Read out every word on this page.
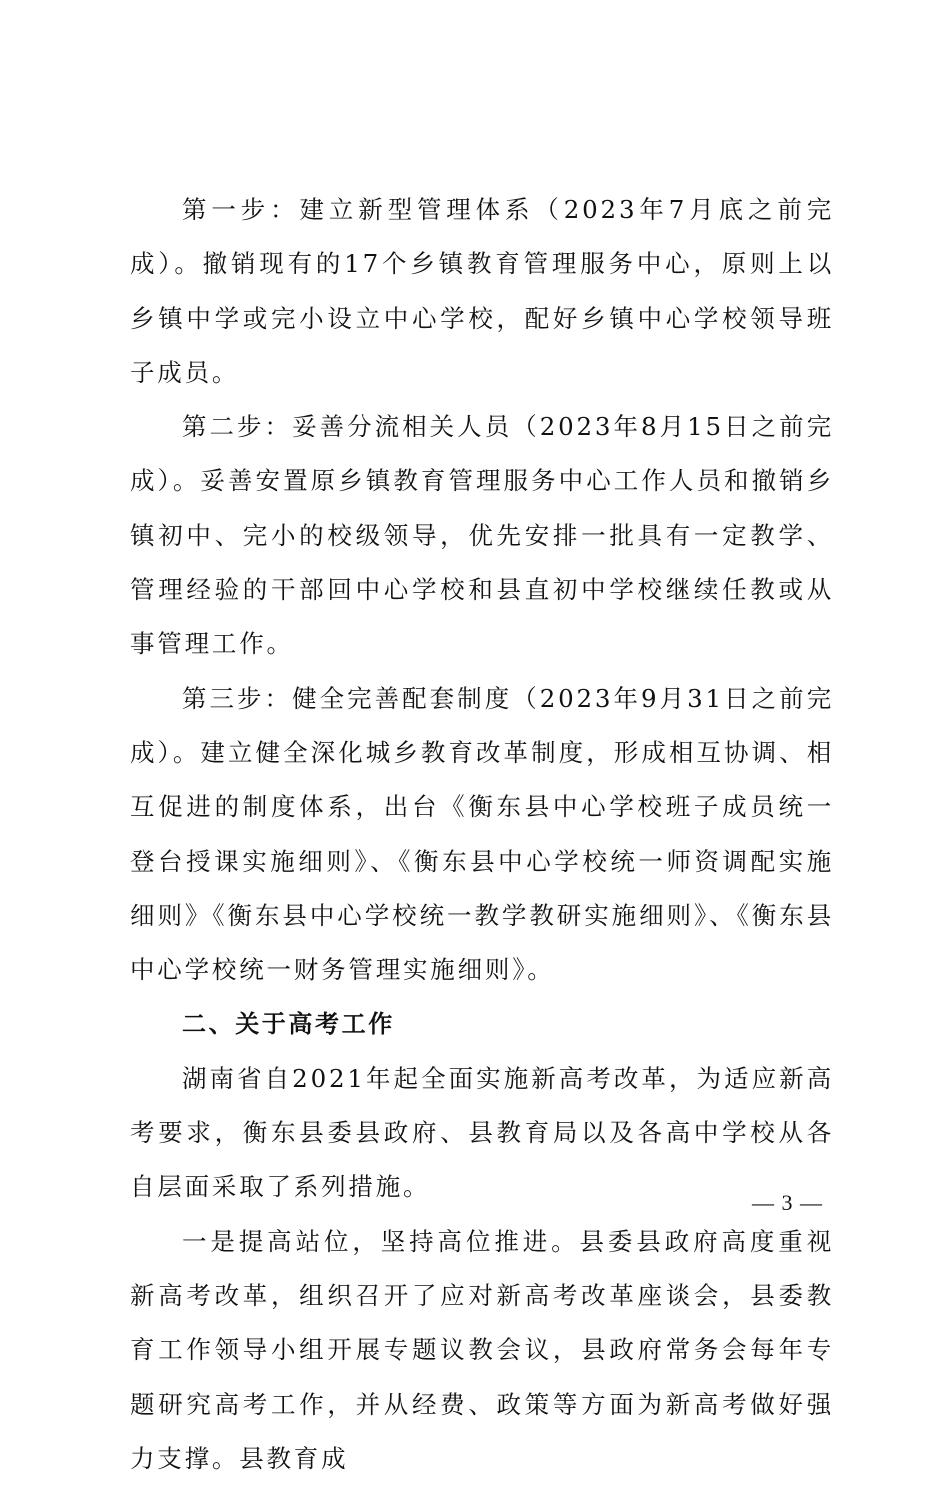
第一步：建立新型管理体系（2023年7月底之前完成）。撤销现有的17个乡镇教育管理服务中心，原则上以乡镇中学或完小设立中心学校，配好乡镇中心学校领导班子成员。

第二步：妥善分流相关人员（2023年8月15日之前完成）。妥善安置原乡镇教育管理服务中心工作人员和撤销乡镇初中、完小的校级领导，优先安排一批具有一定教学、管理经验的干部回中心学校和县直初中学校继续任教或从事管理工作。

第三步：健全完善配套制度（2023年9月31日之前完成）。建立健全深化城乡教育改革制度，形成相互协调、相互促进的制度体系，出台《衡东县中心学校班子成员统一登台授课实施细则》、《衡东县中心学校统一师资调配实施细则》《衡东县中心学校统一教学教研实施细则》、《衡东县中心学校统一财务管理实施细则》。

二、关于高考工作

湖南省自2021年起全面实施新高考改革，为适应新高考要求，衡东县委县政府、县教育局以及各高中学校从各自层面采取了系列措施。

一是提高站位，坚持高位推进。县委县政府高度重视新高考改革，组织召开了应对新高考改革座谈会，县委教育工作领导小组开展专题议教会议，县政府常务会每年专题研究高考工作，并从经费、政策等方面为新高考做好强力支撑。县教育成

— 3 —
